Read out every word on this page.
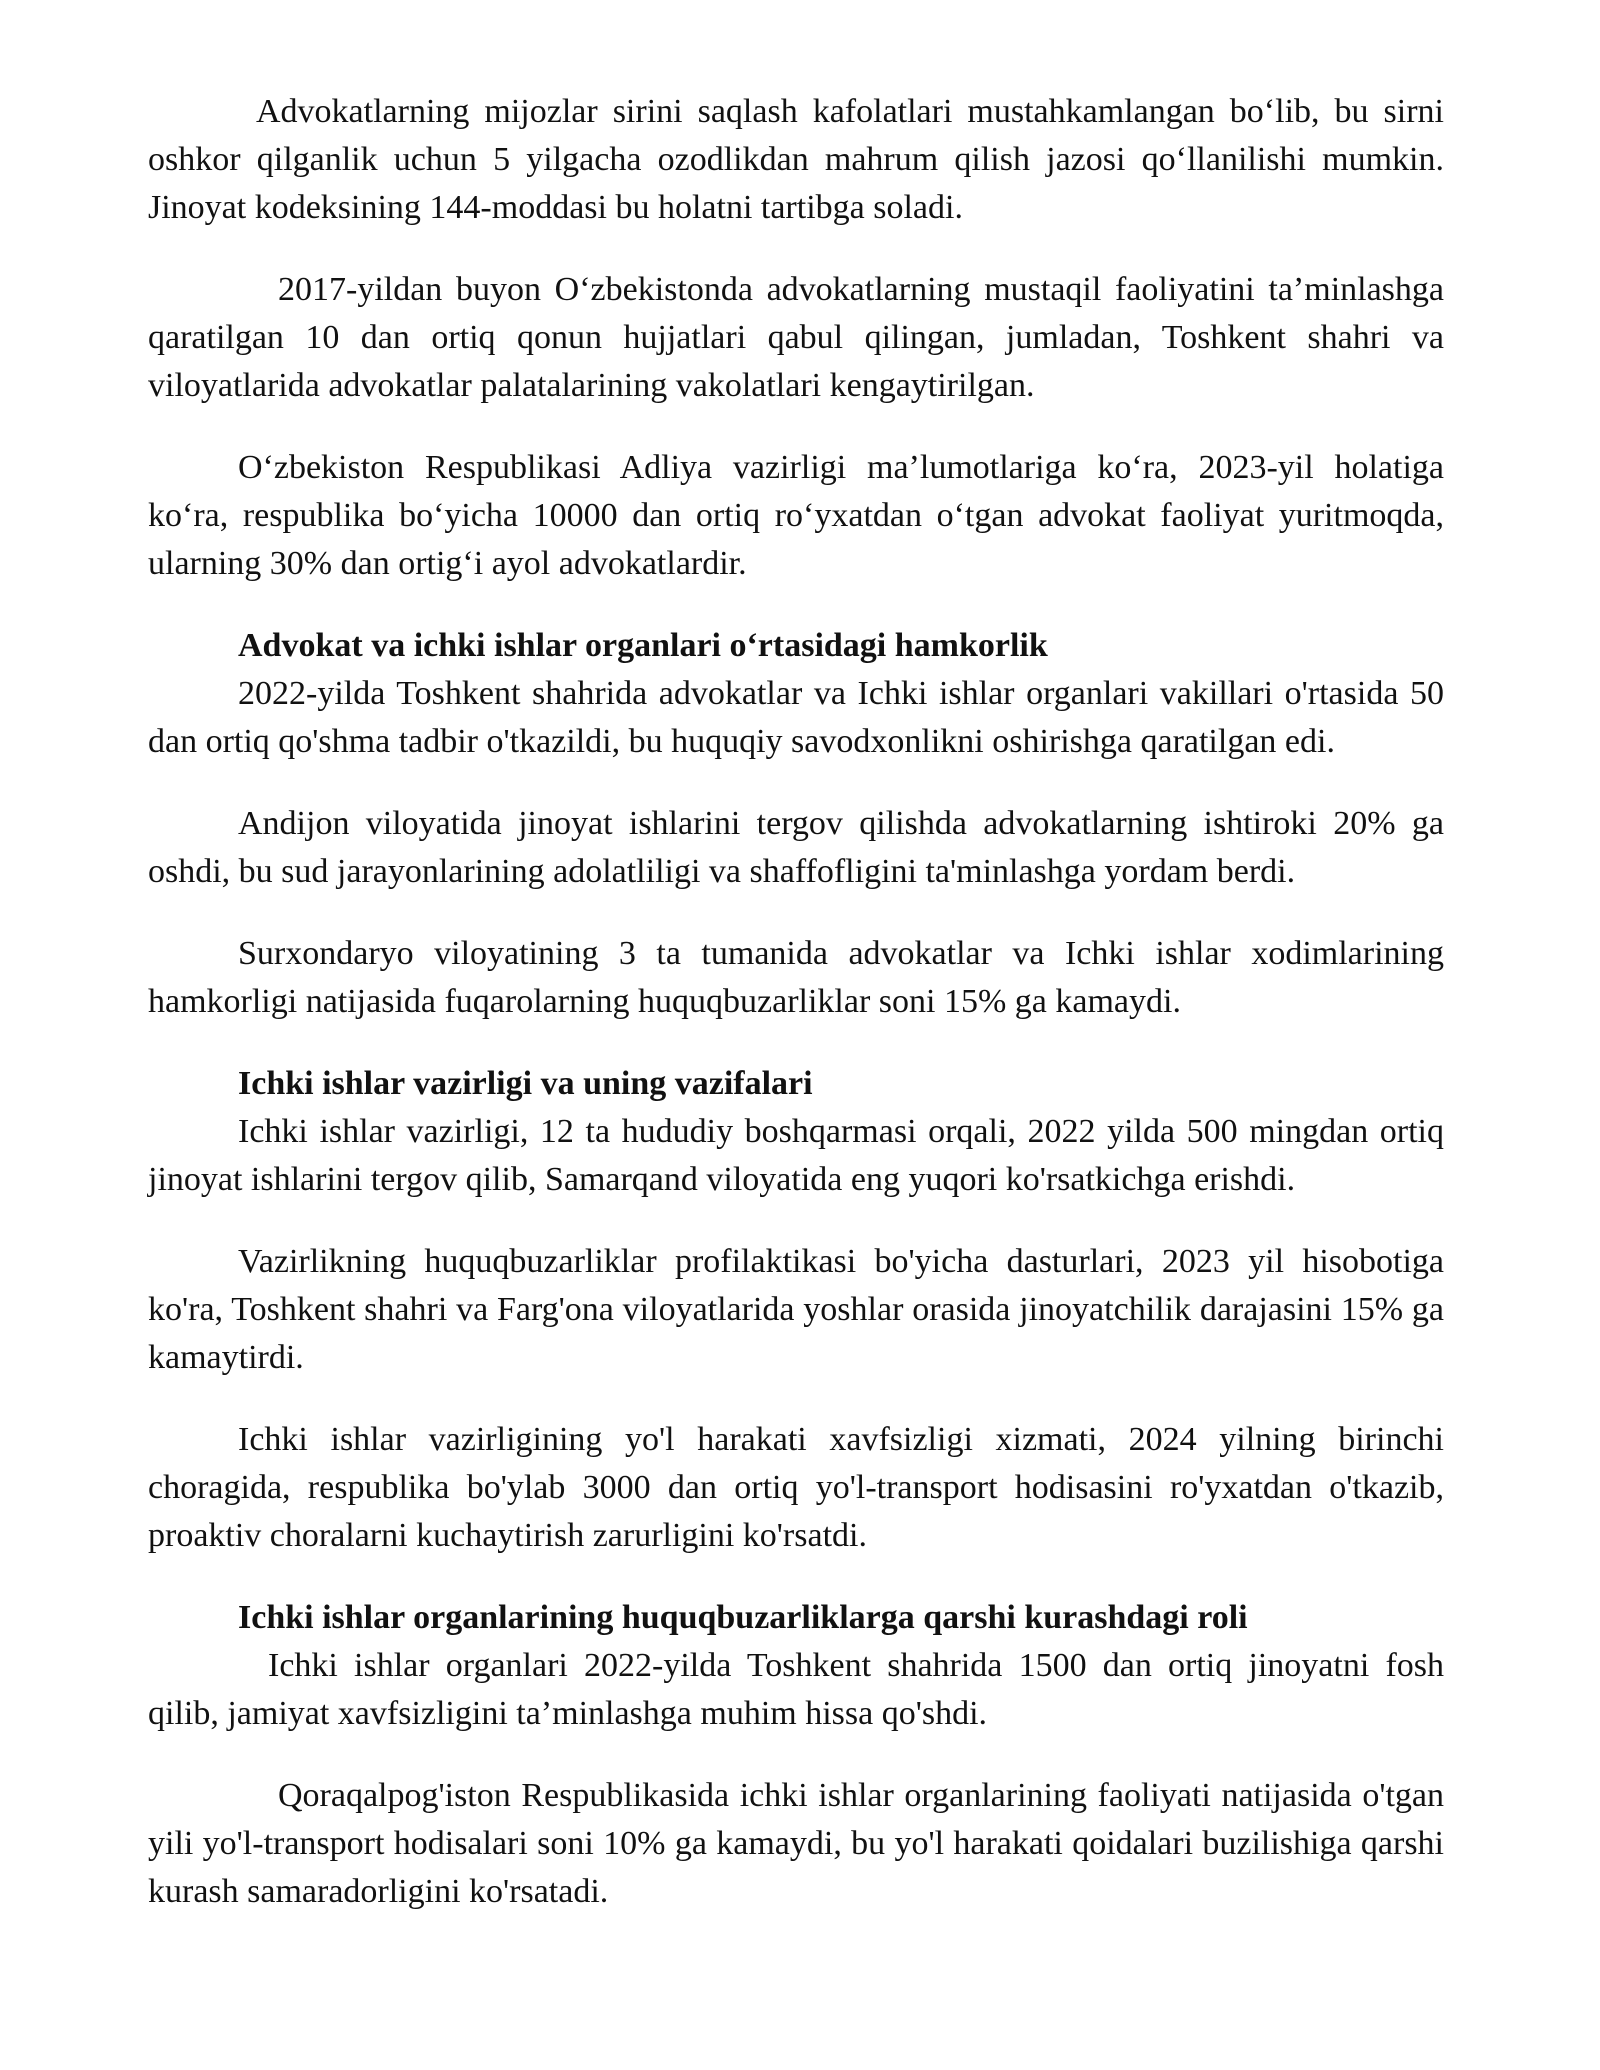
Advokatlarning mijozlar sirini saqlash kafolatlari mustahkamlangan bo‘lib, bu sirni oshkor qilganlik uchun 5 yilgacha ozodlikdan mahrum qilish jazosi qo‘llanilishi mumkin. Jinoyat kodeksining 144-moddasi bu holatni tartibga soladi.

2017-yildan buyon O‘zbekistonda advokatlarning mustaqil faoliyatini ta’minlashga qaratilgan 10 dan ortiq qonun hujjatlari qabul qilingan, jumladan, Toshkent shahri va viloyatlarida advokatlar palatalarining vakolatlari kengaytirilgan.

O‘zbekiston Respublikasi Adliya vazirligi ma’lumotlariga ko‘ra, 2023-yil holatiga ko‘ra, respublika bo‘yicha 10000 dan ortiq ro‘yxatdan o‘tgan advokat faoliyat yuritmoqda, ularning 30% dan ortig‘i ayol advokatlardir.

Advokat va ichki ishlar organlari o‘rtasidagi hamkorlik

2022-yilda Toshkent shahrida advokatlar va Ichki ishlar organlari vakillari o'rtasida 50 dan ortiq qo'shma tadbir o'tkazildi, bu huquqiy savodxonlikni oshirishga qaratilgan edi.

Andijon viloyatida jinoyat ishlarini tergov qilishda advokatlarning ishtiroki 20% ga oshdi, bu sud jarayonlarining adolatliligi va shaffofligini ta'minlashga yordam berdi.

Surxondaryo viloyatining 3 ta tumanida advokatlar va Ichki ishlar xodimlarining hamkorligi natijasida fuqarolarning huquqbuzarliklar soni 15% ga kamaydi.

Ichki ishlar vazirligi va uning vazifalari

Ichki ishlar vazirligi, 12 ta hududiy boshqarmasi orqali, 2022 yilda 500 mingdan ortiq jinoyat ishlarini tergov qilib, Samarqand viloyatida eng yuqori ko'rsatkichga erishdi.

Vazirlikning huquqbuzarliklar profilaktikasi bo'yicha dasturlari, 2023 yil hisobotiga ko'ra, Toshkent shahri va Farg'ona viloyatlarida yoshlar orasida jinoyatchilik darajasini 15% ga kamaytirdi.

Ichki ishlar vazirligining yo'l harakati xavfsizligi xizmati, 2024 yilning birinchi choragida, respublika bo'ylab 3000 dan ortiq yo'l-transport hodisasini ro'yxatdan o'tkazib, proaktiv choralarni kuchaytirish zarurligini ko'rsatdi.

Ichki ishlar organlarining huquqbuzarliklarga qarshi kurashdagi roli

Ichki ishlar organlari 2022-yilda Toshkent shahrida 1500 dan ortiq jinoyatni fosh qilib, jamiyat xavfsizligini ta’minlashga muhim hissa qo'shdi.

Qoraqalpog'iston Respublikasida ichki ishlar organlarining faoliyati natijasida o'tgan yili yo'l-transport hodisalari soni 10% ga kamaydi, bu yo'l harakati qoidalari buzilishiga qarshi kurash samaradorligini ko'rsatadi.
